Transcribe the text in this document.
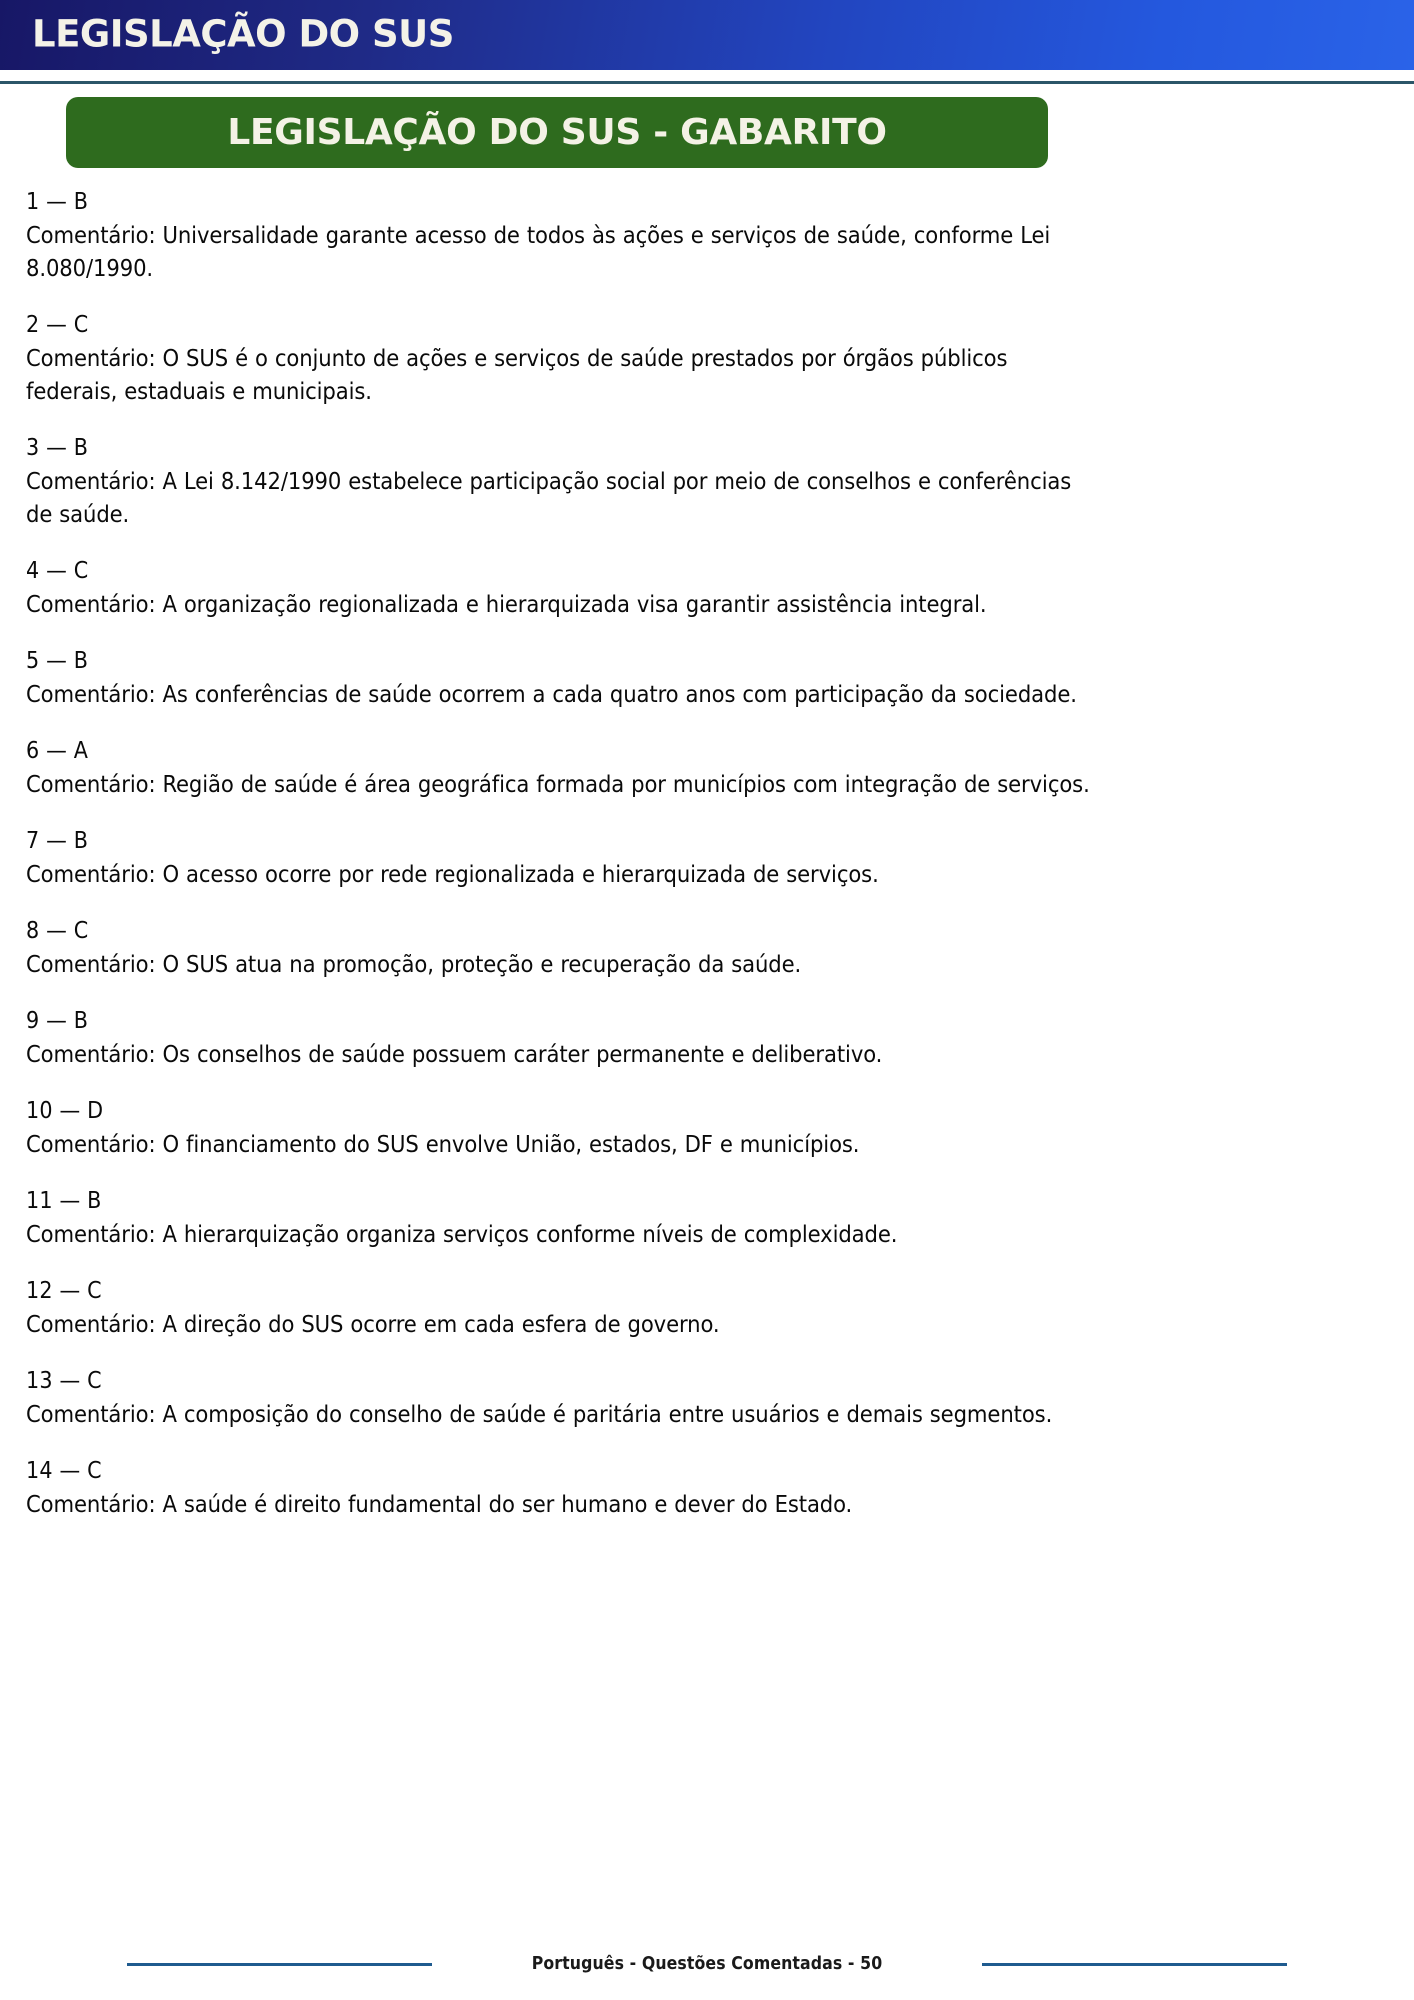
LEGISLAÇÃO DO SUS
LEGISLAÇÃO DO SUS - GABARITO
1 — B
Comentário: Universalidade garante acesso de todos às ações e serviços de saúde, conforme Lei 8.080/1990.
2 — C
Comentário: O SUS é o conjunto de ações e serviços de saúde prestados por órgãos públicos federais, estaduais e municipais.
3 — B
Comentário: A Lei 8.142/1990 estabelece participação social por meio de conselhos e conferências de saúde.
4 — C
Comentário: A organização regionalizada e hierarquizada visa garantir assistência integral.
5 — B
Comentário: As conferências de saúde ocorrem a cada quatro anos com participação da sociedade.
6 — A
Comentário: Região de saúde é área geográfica formada por municípios com integração de serviços.
7 — B
Comentário: O acesso ocorre por rede regionalizada e hierarquizada de serviços.
8 — C
Comentário: O SUS atua na promoção, proteção e recuperação da saúde.
9 — B
Comentário: Os conselhos de saúde possuem caráter permanente e deliberativo.
10 — D
Comentário: O financiamento do SUS envolve União, estados, DF e municípios.
11 — B
Comentário: A hierarquização organiza serviços conforme níveis de complexidade.
12 — C
Comentário: A direção do SUS ocorre em cada esfera de governo.
13 — C
Comentário: A composição do conselho de saúde é paritária entre usuários e demais segmentos.
14 — C
Comentário: A saúde é direito fundamental do ser humano e dever do Estado.
Português - Questões Comentadas - 50
